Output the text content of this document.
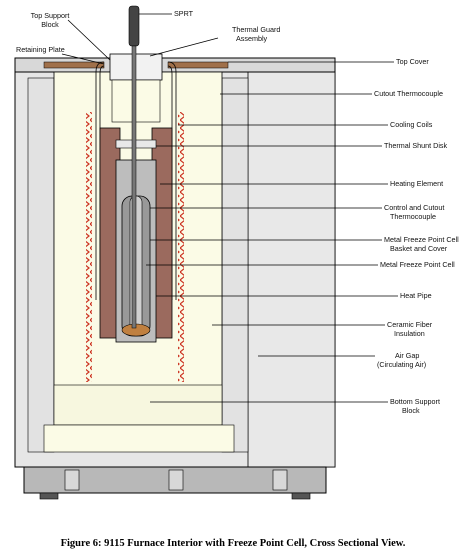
SPRT
Top Support
Block
Thermal Guard
Assembly
Retaining Plate
Top Cover
Cutout Thermocouple
Cooling Coils
Thermal Shunt Disk
Heating Element
Control and Cutout
Thermocouple
Metal Freeze Point Cell
Basket and Cover
Metal Freeze Point Cell
Heat Pipe
Ceramic Fiber
Insulation
Air Gap
(Circulating Air)
Bottom Support
Block
Figure 6: 9115 Furnace Interior with Freeze Point Cell, Cross Sectional View.
